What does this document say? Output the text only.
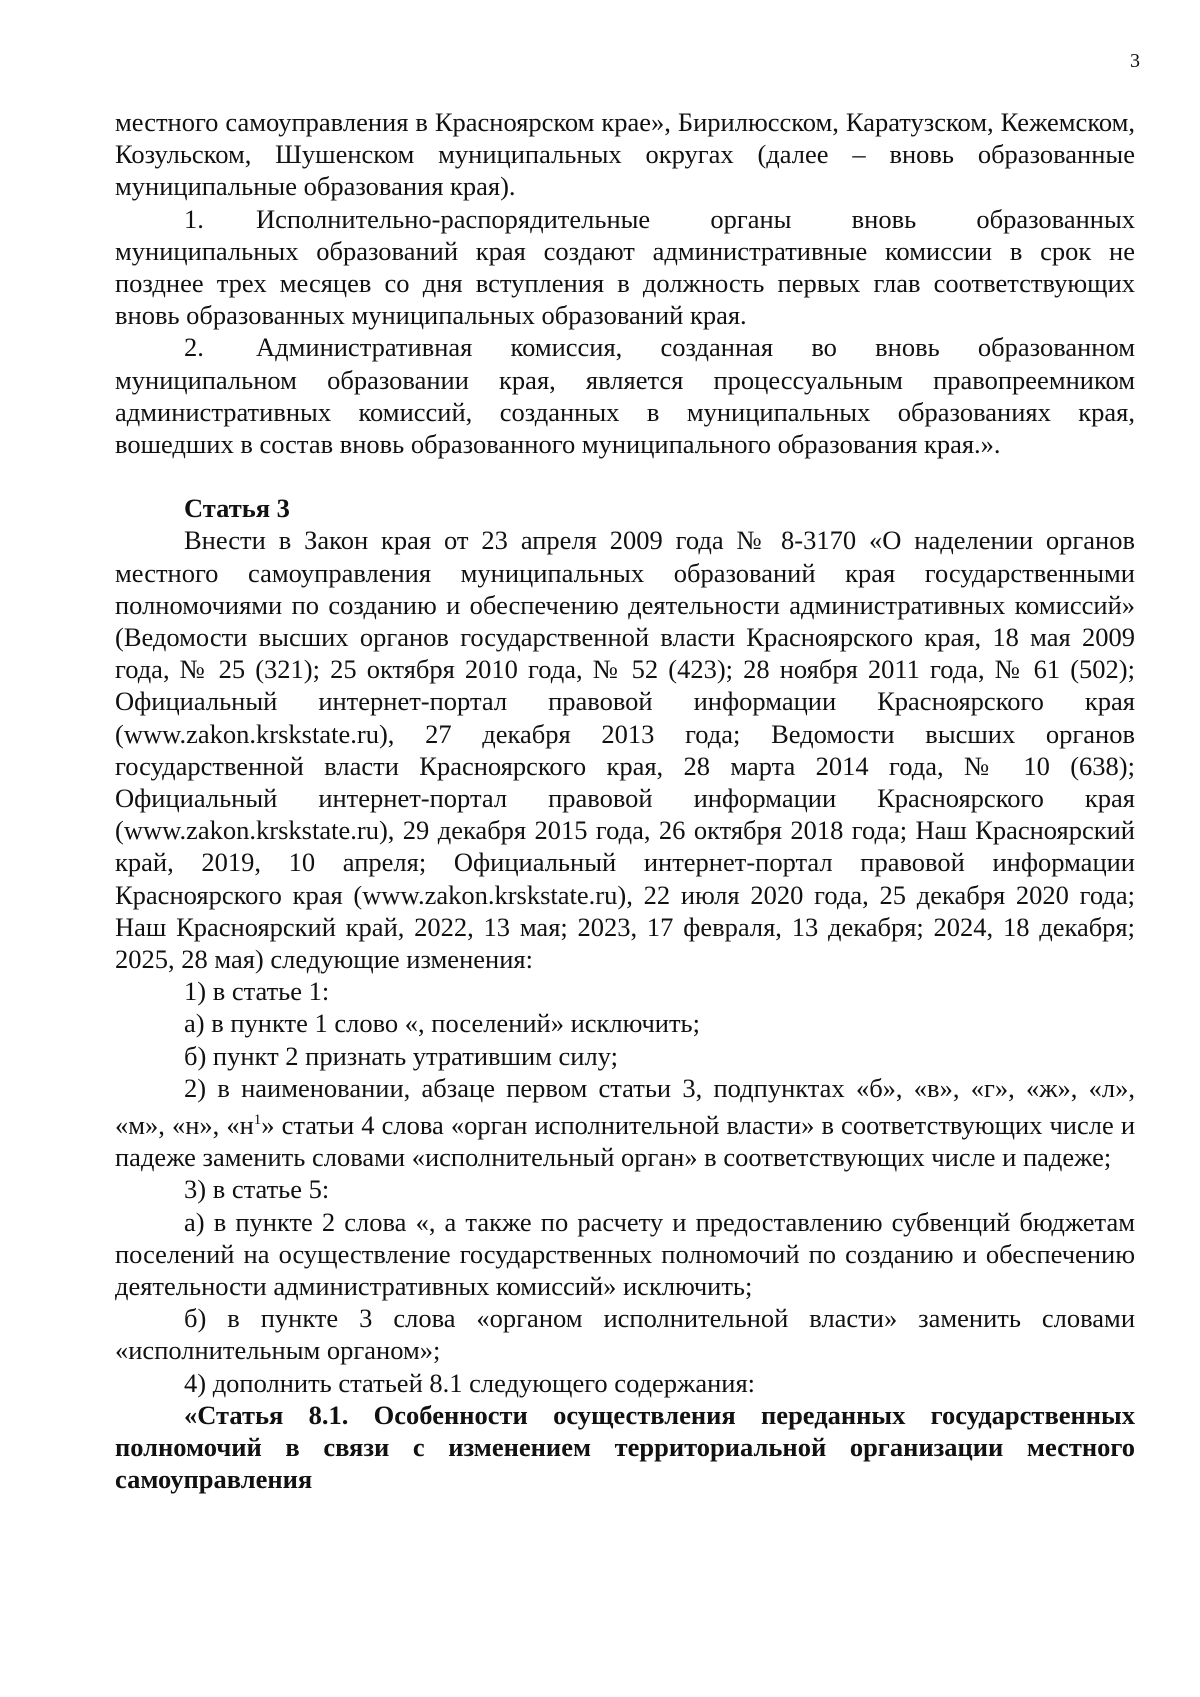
3

местного самоуправления в Красноярском крае», Бирилюсском, Каратузском, Кежемском, Козульском, Шушенском муниципальных округах (далее – вновь образованные муниципальные образования края).

1. Исполнительно-распорядительные органы вновь образованных муниципальных образований края создают административные комиссии в срок не позднее трех месяцев со дня вступления в должность первых глав соответствующих вновь образованных муниципальных образований края.

2. Административная комиссия, созданная во вновь образованном муниципальном образовании края, является процессуальным правопреемником административных комиссий, созданных в муниципальных образованиях края, вошедших в состав вновь образованного муниципального образования края.».

Статья 3

Внести в Закон края от 23 апреля 2009 года № 8-3170 «О наделении органов местного самоуправления муниципальных образований края государственными полномочиями по созданию и обеспечению деятельности административных комиссий» (Ведомости высших органов государственной власти Красноярского края, 18 мая 2009 года, № 25 (321); 25 октября 2010 года, № 52 (423); 28 ноября 2011 года, № 61 (502); Официальный интернет-портал правовой информации Красноярского края (www.zakon.krskstate.ru), 27 декабря 2013 года; Ведомости высших органов государственной власти Красноярского края, 28 марта 2014 года, № 10 (638); Официальный интернет-портал правовой информации Красноярского края (www.zakon.krskstate.ru), 29 декабря 2015 года, 26 октября 2018 года; Наш Красноярский край, 2019, 10 апреля; Официальный интернет-портал правовой информации Красноярского края (www.zakon.krskstate.ru), 22 июля 2020 года, 25 декабря 2020 года; Наш Красноярский край, 2022, 13 мая; 2023, 17 февраля, 13 декабря; 2024, 18 декабря; 2025, 28 мая) следующие изменения:

1) в статье 1:

а) в пункте 1 слово «, поселений» исключить;

б) пункт 2 признать утратившим силу;

2) в наименовании, абзаце первом статьи 3, подпунктах «б», «в», «г», «ж», «л», «м», «н», «$н^1$» статьи 4 слова «орган исполнительной власти» в соответствующих числе и падеже заменить словами «исполнительный орган» в соответствующих числе и падеже;

3) в статье 5:

а) в пункте 2 слова «, а также по расчету и предоставлению субвенций бюджетам поселений на осуществление государственных полномочий по созданию и обеспечению деятельности административных комиссий» исключить;

б) в пункте 3 слова «органом исполнительной власти» заменить словами «исполнительным органом»;

4) дополнить статьей 8.1 следующего содержания:

«Статья 8.1. Особенности осуществления переданных государственных полномочий в связи с изменением территориальной организации местного самоуправления
